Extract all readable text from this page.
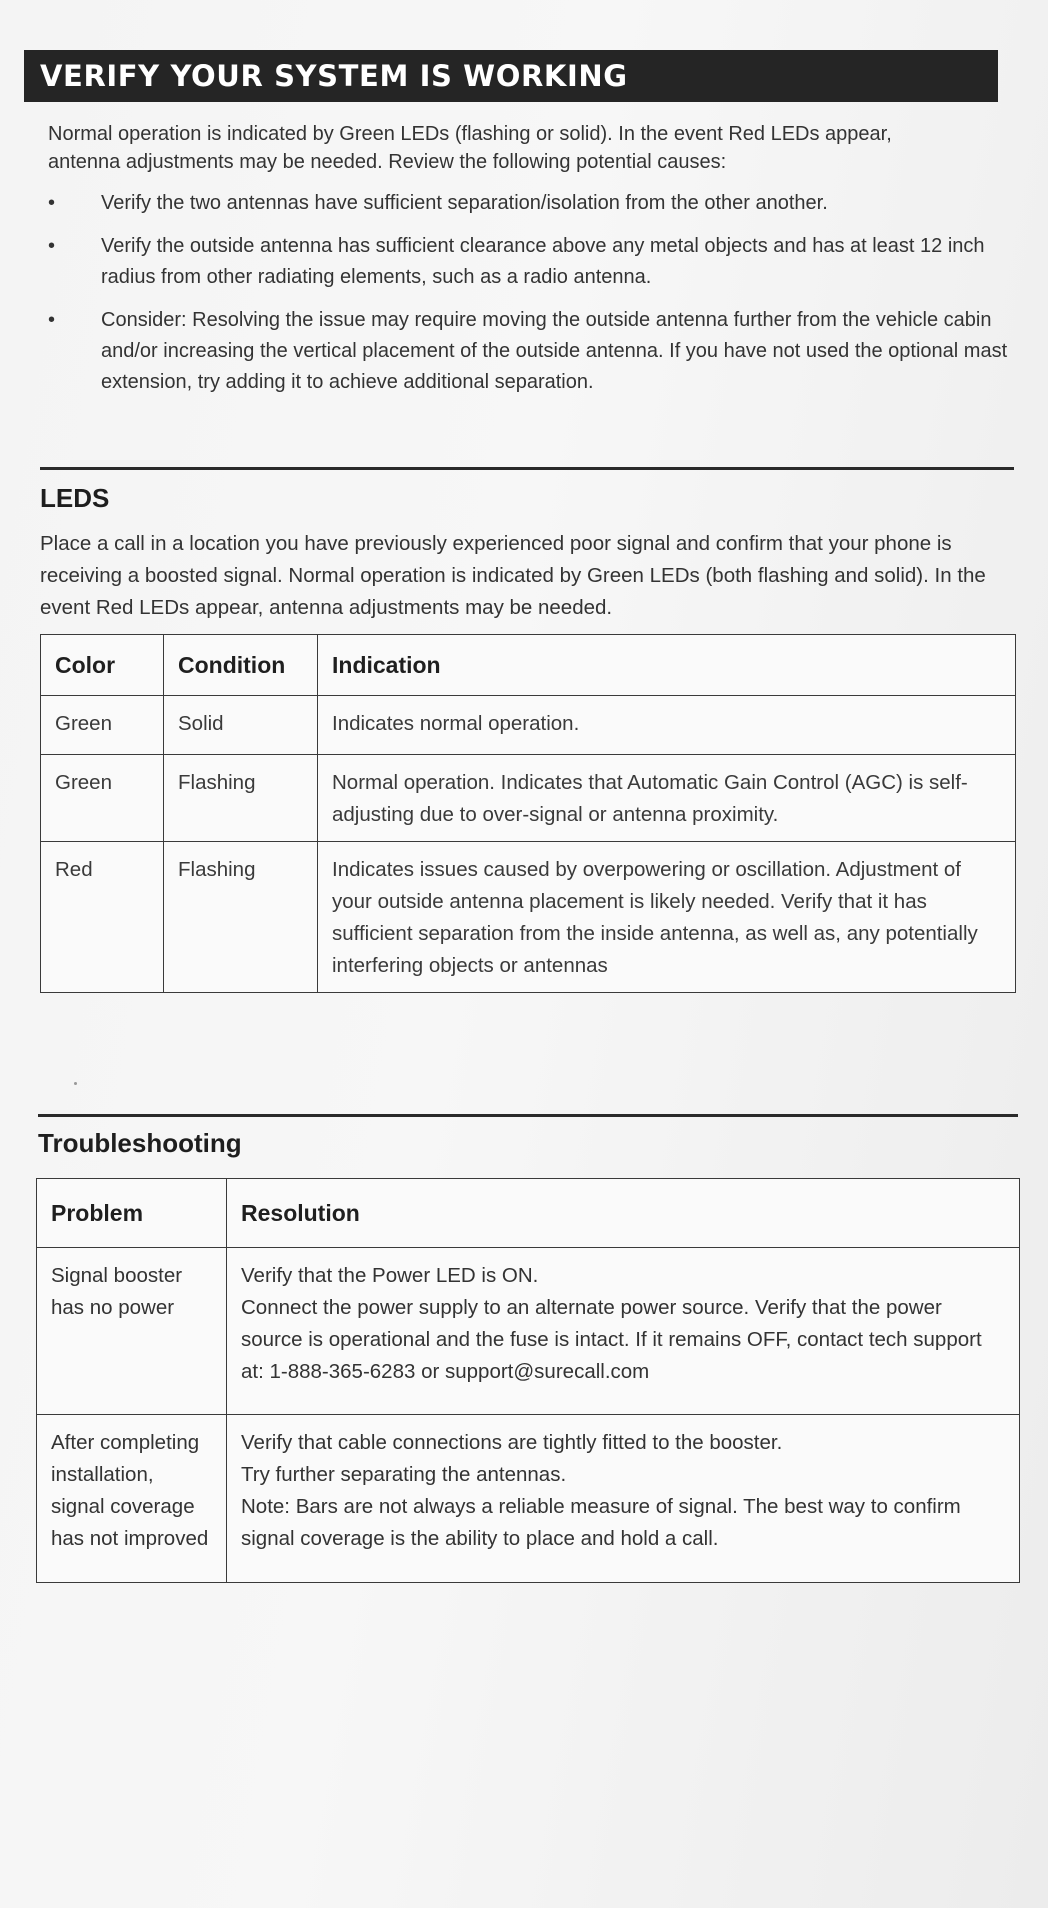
VERIFY YOUR SYSTEM IS WORKING

Normal operation is indicated by Green LEDs (flashing or solid). In the event Red LEDs appear, antenna adjustments may be needed. Review the following potential causes:

• Verify the two antennas have sufficient separation/isolation from the other another.
• Verify the outside antenna has sufficient clearance above any metal objects and has at least 12 inch radius from other radiating elements, such as a radio antenna.
• Consider: Resolving the issue may require moving the outside antenna further from the vehicle cabin and/or increasing the vertical placement of the outside antenna. If you have not used the optional mast extension, try adding it to achieve additional separation.
LEDS

Place a call in a location you have previously experienced poor signal and confirm that your phone is receiving a boosted signal. Normal operation is indicated by Green LEDs (both flashing and solid). In the event Red LEDs appear, antenna adjustments may be needed.

Color	Condition	Indication
Green	Solid	Indicates normal operation.
Green	Flashing	Normal operation. Indicates that Automatic Gain Control (AGC) is self-adjusting due to over-signal or antenna proximity.
Red	Flashing	Indicates issues caused by overpowering or oscillation. Adjustment of your outside antenna placement is likely needed. Verify that it has sufficient separation from the inside antenna, as well as, any potentially interfering objects or antennas
Troubleshooting
Problem	Resolution
Signal booster has no power	Verify that the Power LED is ON.
Connect the power supply to an alternate power source. Verify that the power source is operational and the fuse is intact. If it remains OFF, contact tech support at: 1-888-365-6283 or support@surecall.com

After completing installation, signal coverage has not improved	Verify that cable connections are tightly fitted to the booster.
Try further separating the antennas.
Note: Bars are not always a reliable measure of signal. The best way to confirm signal coverage is the ability to place and hold a call.
